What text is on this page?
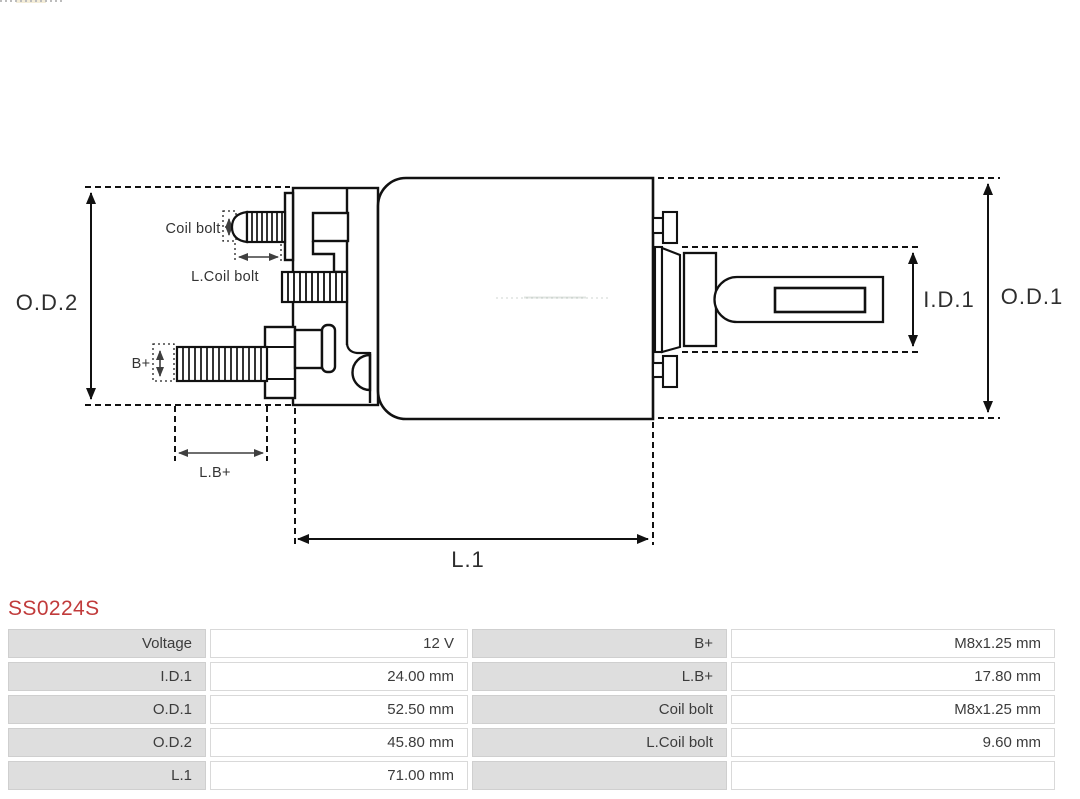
O.D.2	O.D.1
I.D.1
L.1
Coil bolt
L.Coil bolt
B+
L.B+
SS0224S
Voltage	12 V	B+	M8x1.25 mm
I.D.1	24.00 mm	L.B+	17.80 mm
O.D.1	52.50 mm	Coil bolt	M8x1.25 mm
O.D.2	45.80 mm	L.Coil bolt	9.60 mm
L.1	71.00 mm
